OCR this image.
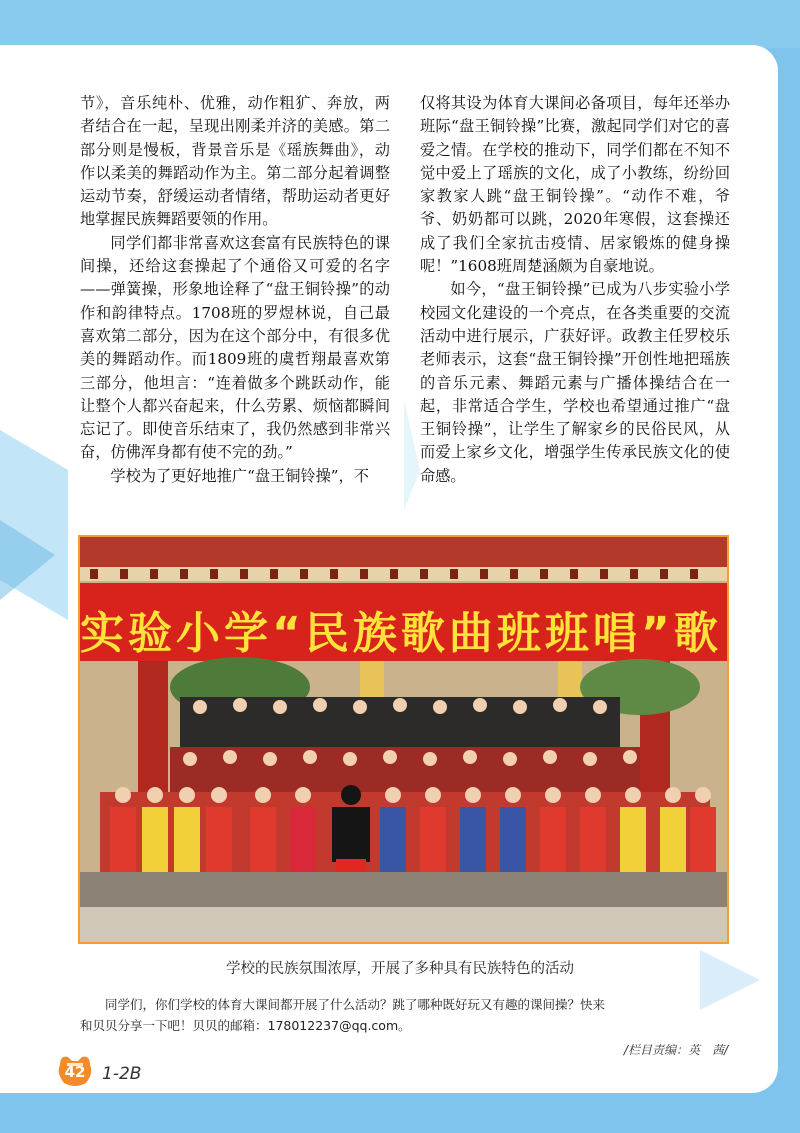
节》，音乐纯朴、优雅，动作粗犷、奔放，两者结合在一起，呈现出刚柔并济的美感。第二部分则是慢板，背景音乐是《瑶族舞曲》，动作以柔美的舞蹈动作为主。第二部分起着调整运动节奏，舒缓运动者情绪，帮助运动者更好地掌握民族舞蹈要领的作用。

同学们都非常喜欢这套富有民族特色的课间操，还给这套操起了个通俗又可爱的名字——弹簧操，形象地诠释了“盘王铜铃操”的动作和韵律特点。1708班的罗煜林说，自己最喜欢第二部分，因为在这个部分中，有很多优美的舞蹈动作。而1809班的虞哲翔最喜欢第三部分，他坦言：“连着做多个跳跃动作，能让整个人都兴奋起来，什么劳累、烦恼都瞬间忘记了。即使音乐结束了，我仍然感到非常兴奋，仿佛浑身都有使不完的劲。”

学校为了更好地推广“盘王铜铃操”，不

仅将其设为体育大课间必备项目，每年还举办班际“盘王铜铃操”比赛，激起同学们对它的喜爱之情。在学校的推动下，同学们都在不知不觉中爱上了瑶族的文化，成了小教练，纷纷回家教家人跳“盘王铜铃操”。“动作不难，爷爷、奶奶都可以跳，2020年寒假，这套操还成了我们全家抗击疫情、居家锻炼的健身操呢！”1608班周楚涵颇为自豪地说。

如今，“盘王铜铃操”已成为八步实验小学校园文化建设的一个亮点，在各类重要的交流活动中进行展示，广获好评。政教主任罗校乐老师表示，这套“盘王铜铃操”开创性地把瑶族的音乐元素、舞蹈元素与广播体操结合在一起，非常适合学生，学校也希望通过推广“盘王铜铃操”，让学生了解家乡的民俗民风，从而爱上家乡文化，增强学生传承民族文化的使命感。

实验小学“民族歌曲班班唱”歌
学校的民族氛围浓厚，开展了多种具有民族特色的活动
同学们，你们学校的体育大课间都开展了什么活动？跳了哪种既好玩又有趣的课间操？快来
和贝贝分享一下吧！贝贝的邮箱：178012237@qq.com。
/栏目责编：英　茜/
42 1-2B
